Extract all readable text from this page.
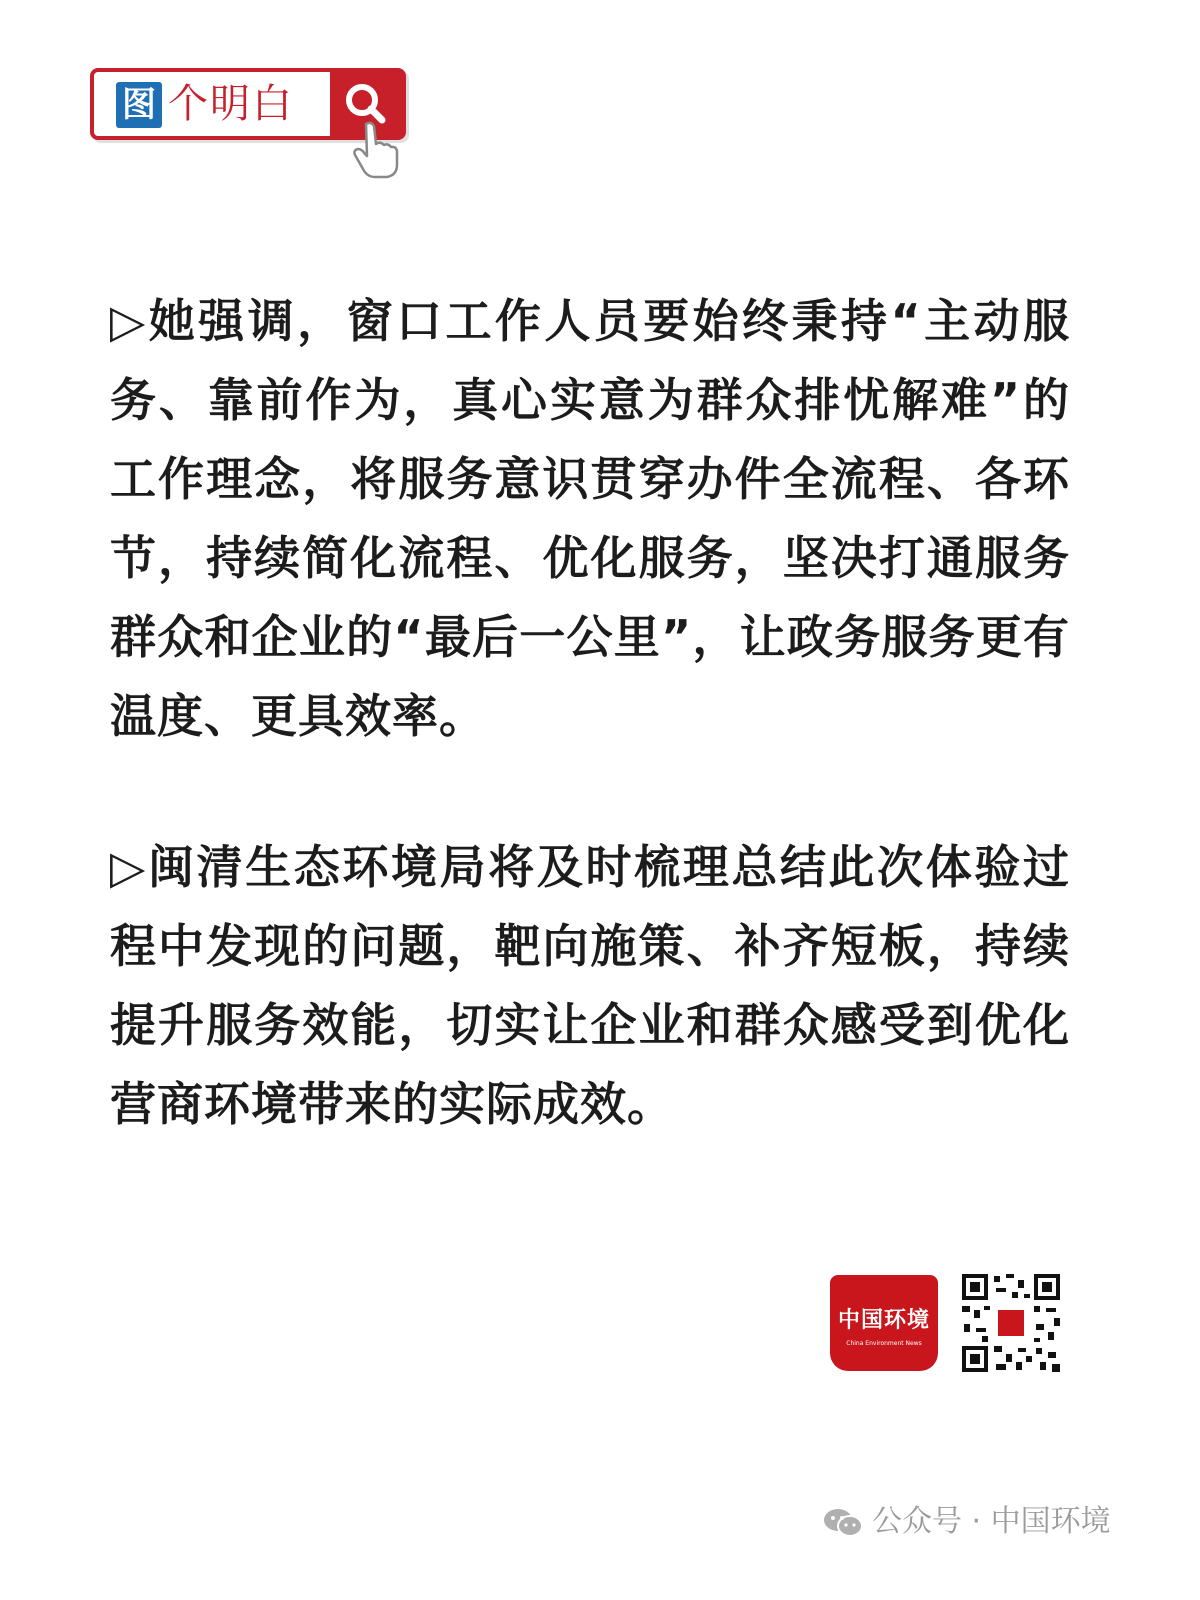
图 个明白
▷她强调，窗口工作人员要始终秉持“主动服务、靠前作为，真心实意为群众排忧解难”的工作理念，将服务意识贯穿办件全流程、各环节，持续简化流程、优化服务，坚决打通服务群众和企业的“最后一公里”，让政务服务更有温度、更具效率。
▷闽清生态环境局将及时梳理总结此次体验过程中发现的问题，靶向施策、补齐短板，持续提升服务效能，切实让企业和群众感受到优化营商环境带来的实际成效。
中国环境
China Environment News
公众号 · 中国环境
